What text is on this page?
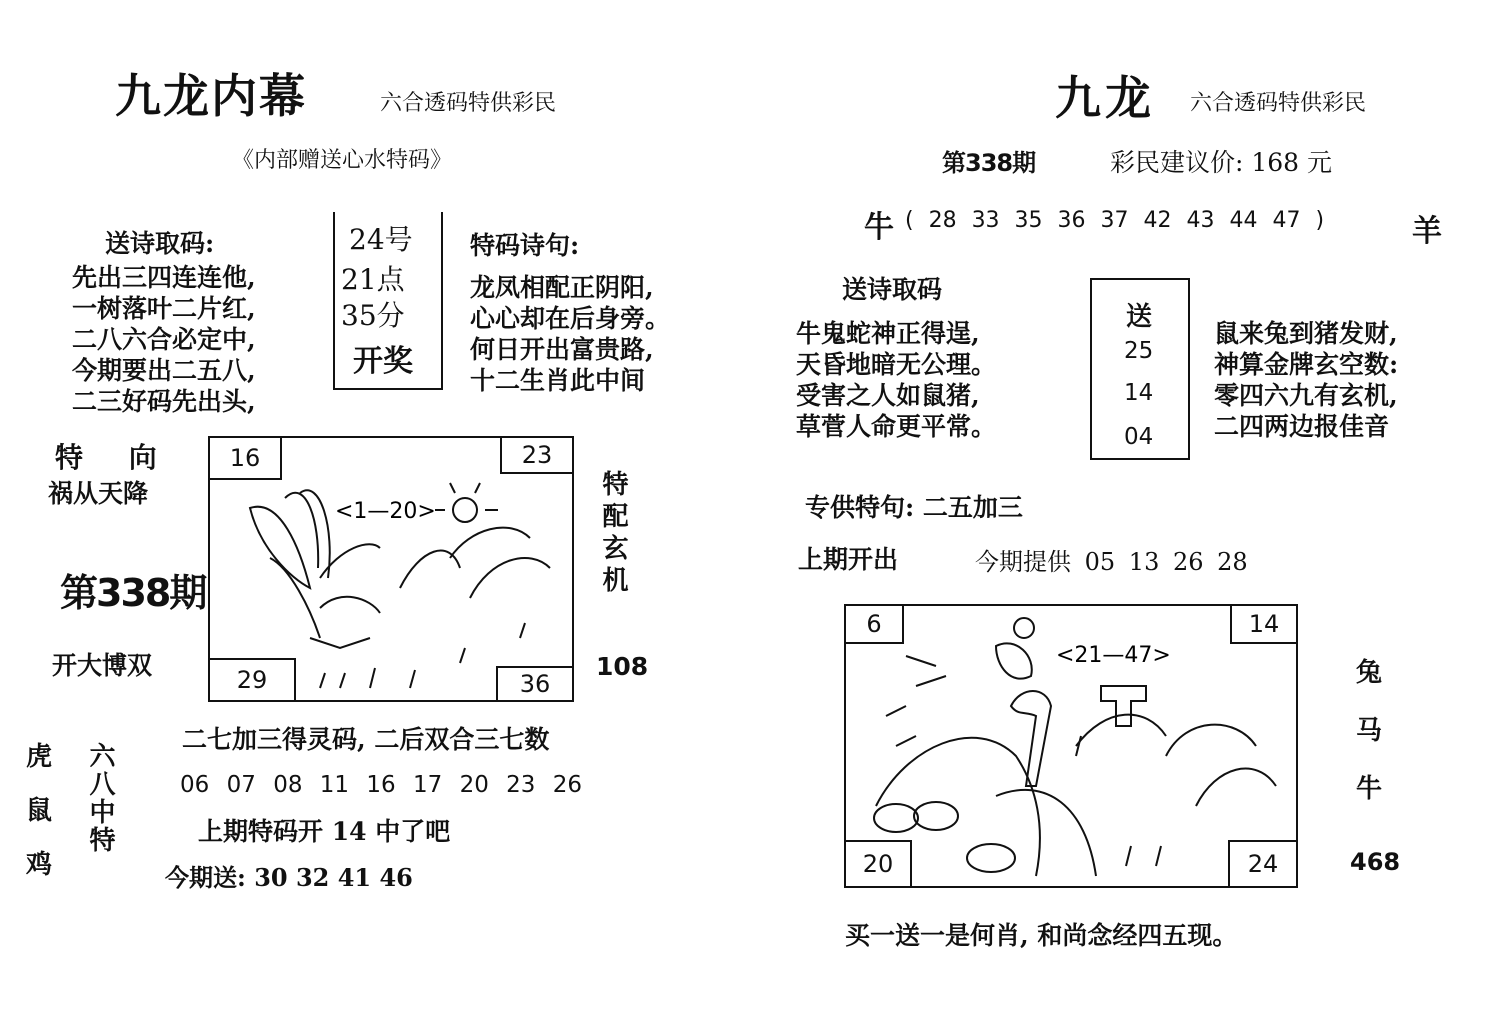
九龙内幕	六合透码特供彩民
《内部赠送心水特码》
送诗取码:
先出三四连连他,
一树落叶二片红,
二八六合必定中,
今期要出二五八,
二三好码先出头,
24号
21点
35分
开奖
特码诗句:
龙凤相配正阴阳,
心心却在后身旁。
何日开出富贵路,
十二生肖此中间
特 向
祸从天降
第338期
开大博双
<1—20>
16	23
29	36
特配玄机
108
二七加三得灵码, 二后双合三七数
06 07 08 11 16 17 20 23 26
上期特码开 14 中了吧
今期送: 30 32 41 46
虎
鼠
鸡
六八中特
九龙 六合透码特供彩民
第338期	彩民建议价: 168 元
牛 ( 28 33 35 36 37 42 43 44 47 )	羊
送诗取码
牛鬼蛇神正得逞,
天昏地暗无公理。
受害之人如鼠猪,
草菅人命更平常。
送
25
14
04
鼠来兔到猪发财,
神算金牌玄空数:
零四六九有玄机,
二四两边报佳音
专供特句: 二五加三
上期开出	今期提供 05 13 26 28
<21—47>
6	14
20	24
兔
马
牛
468
买一送一是何肖, 和尚念经四五现。
